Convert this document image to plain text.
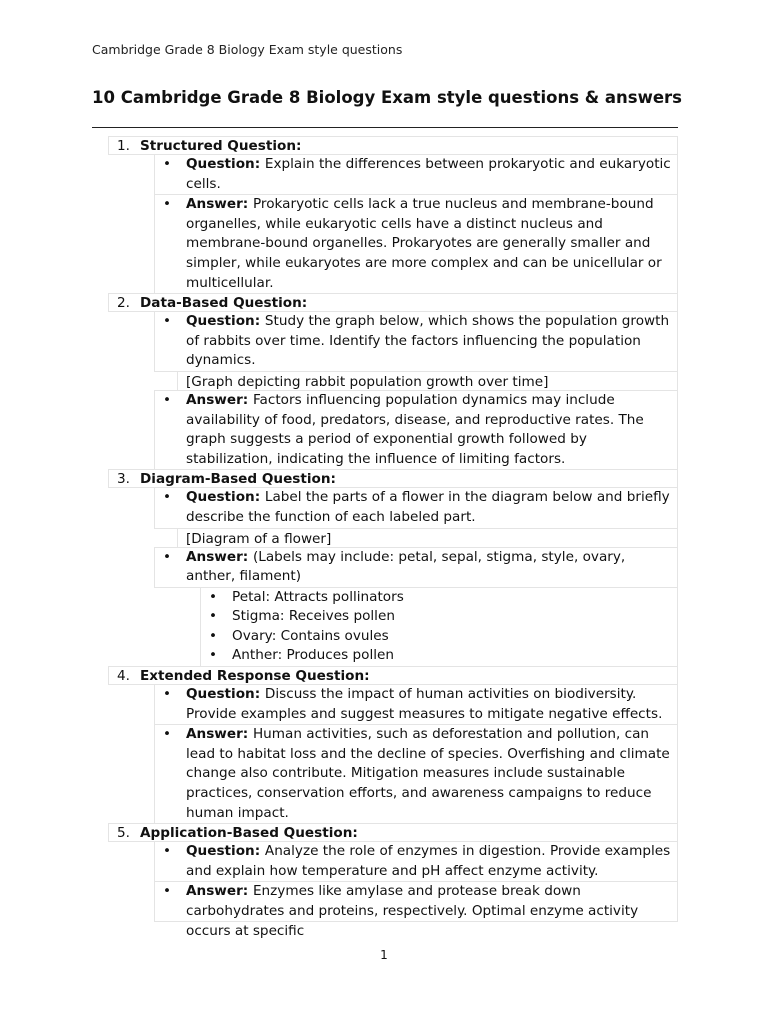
Cambridge Grade 8 Biology Exam style questions
10 Cambridge Grade 8 Biology Exam style questions & answers
1. Structured Question:
• Question: Explain the differences between prokaryotic and eukaryotic cells.
• Answer: Prokaryotic cells lack a true nucleus and membrane-bound organelles, while eukaryotic cells have a distinct nucleus and membrane-bound organelles. Prokaryotes are generally smaller and simpler, while eukaryotes are more complex and can be unicellular or multicellular.
2. Data-Based Question:
• Question: Study the graph below, which shows the population growth of rabbits over time. Identify the factors influencing the population dynamics.
[Graph depicting rabbit population growth over time]
• Answer: Factors influencing population dynamics may include availability of food, predators, disease, and reproductive rates. The graph suggests a period of exponential growth followed by stabilization, indicating the influence of limiting factors.
3. Diagram-Based Question:
• Question: Label the parts of a flower in the diagram below and briefly describe the function of each labeled part.
[Diagram of a flower]
• Answer: (Labels may include: petal, sepal, stigma, style, ovary, anther, filament)
• Petal: Attracts pollinators
• Stigma: Receives pollen
• Ovary: Contains ovules
• Anther: Produces pollen
4. Extended Response Question:
• Question: Discuss the impact of human activities on biodiversity. Provide examples and suggest measures to mitigate negative effects.
• Answer: Human activities, such as deforestation and pollution, can lead to habitat loss and the decline of species. Overfishing and climate change also contribute. Mitigation measures include sustainable practices, conservation efforts, and awareness campaigns to reduce human impact.
5. Application-Based Question:
• Question: Analyze the role of enzymes in digestion. Provide examples and explain how temperature and pH affect enzyme activity.
• Answer: Enzymes like amylase and protease break down carbohydrates and proteins, respectively. Optimal enzyme activity occurs at specific
1
